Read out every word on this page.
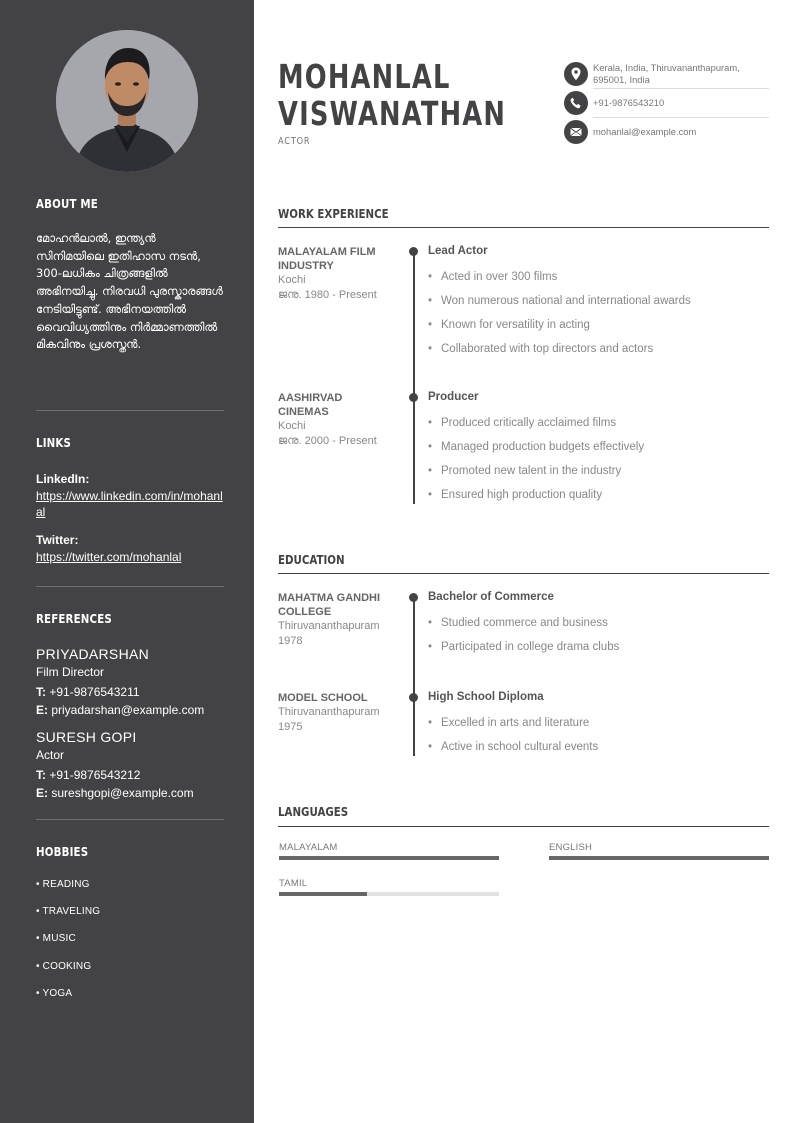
ABOUT ME
മോഹൻലാൽ, ഇന്ത്യൻ സിനിമയിലെ ഇതിഹാസ നടൻ, 300-ലധികം ചിത്രങ്ങളിൽ അഭിനയിച്ചു. നിരവധി പുരസ്കാരങ്ങൾ നേടിയിട്ടുണ്ട്. അഭിനയത്തിൽ വൈവിധ്യത്തിനും നിർമ്മാണത്തിൽ മികവിനും പ്രശസ്തൻ.
LINKS
LinkedIn:
https://www.linkedin.com/in/mohanlal
Twitter:
https://twitter.com/mohanlal
REFERENCES
PRIYADARSHAN
Film Director
T: +91-9876543211
E: priyadarshan@example.com
SURESH GOPI
Actor
T: +91-9876543212
E: sureshgopi@example.com
HOBBIES
• READING
• TRAVELING
• MUSIC
• COOKING
• YOGA
MOHANLAL
VISWANATHAN
ACTOR
Kerala, India, Thiruvananthapuram, 695001, India
+91-9876543210
mohanlal@example.com
WORK EXPERIENCE
MALAYALAM FILM INDUSTRY
Kochi
ജനു. 1980 - Present
Lead Actor
• Acted in over 300 films
• Won numerous national and international awards
• Known for versatility in acting
• Collaborated with top directors and actors
AASHIRVAD CINEMAS
Kochi
ജനു. 2000 - Present
Producer
• Produced critically acclaimed films
• Managed production budgets effectively
• Promoted new talent in the industry
• Ensured high production quality
EDUCATION
MAHATMA GANDHI COLLEGE
Thiruvananthapuram
1978
Bachelor of Commerce
• Studied commerce and business
• Participated in college drama clubs
MODEL SCHOOL
Thiruvananthapuram
1975
High School Diploma
• Excelled in arts and literature
• Active in school cultural events
LANGUAGES
MALAYALAM	ENGLISH
TAMIL
